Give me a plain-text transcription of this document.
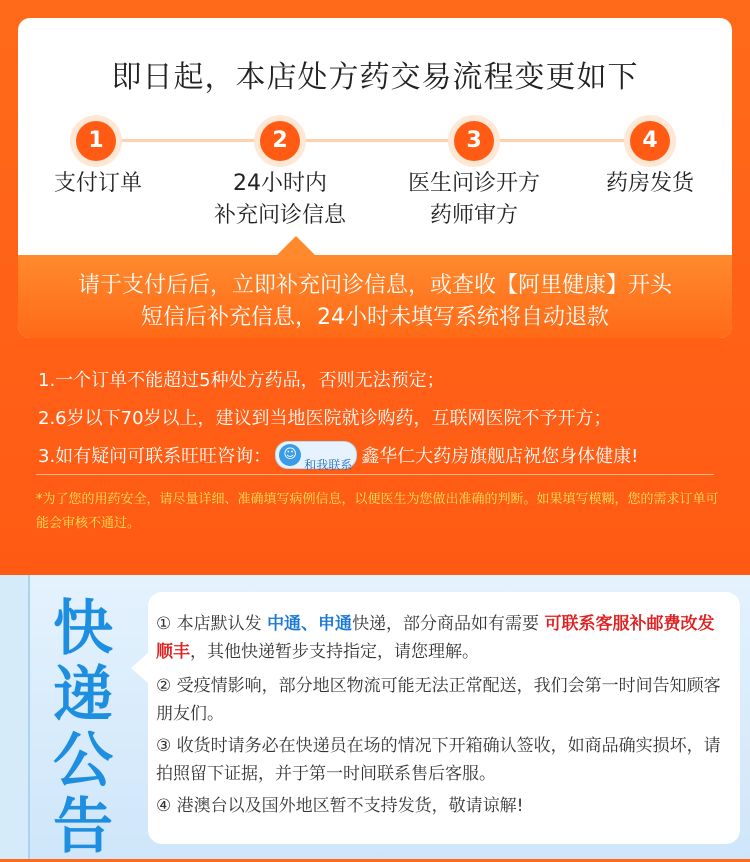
即日起，本店处方药交易流程变更如下
1	2	3	4
支付订单	24小时内
补充问诊信息
医生问诊开方
药师审方
药房发货
请于支付后后，立即补充问诊信息，或查收【阿里健康】开头
短信后补充信息，24小时未填写系统将自动退款
1.一个订单不能超过5种处方药品，否则无法预定；
2.6岁以下70岁以上，建议到当地医院就诊购药，互联网医院不予开方；
3.如有疑问可联系旺旺咨询： ☺
和我联系 鑫华仁大药房旗舰店祝您身体健康!
*为了您的用药安全，请尽量详细、准确填写病例信息，以便医生为您做出准确的判断。如果填写模糊，您的需求订单可能会审核不通过。
快
递
公
告
① 本店默认发 中通、申通快递，部分商品如有需要 可联系客服补邮费改发顺丰，其他快递暂步支持指定，请您理解。
② 受疫情影响，部分地区物流可能无法正常配送，我们会第一时间告知顾客朋友们。
③ 收货时请务必在快递员在场的情况下开箱确认签收，如商品确实损坏，请拍照留下证据，并于第一时间联系售后客服。
④ 港澳台以及国外地区暂不支持发货，敬请谅解!
